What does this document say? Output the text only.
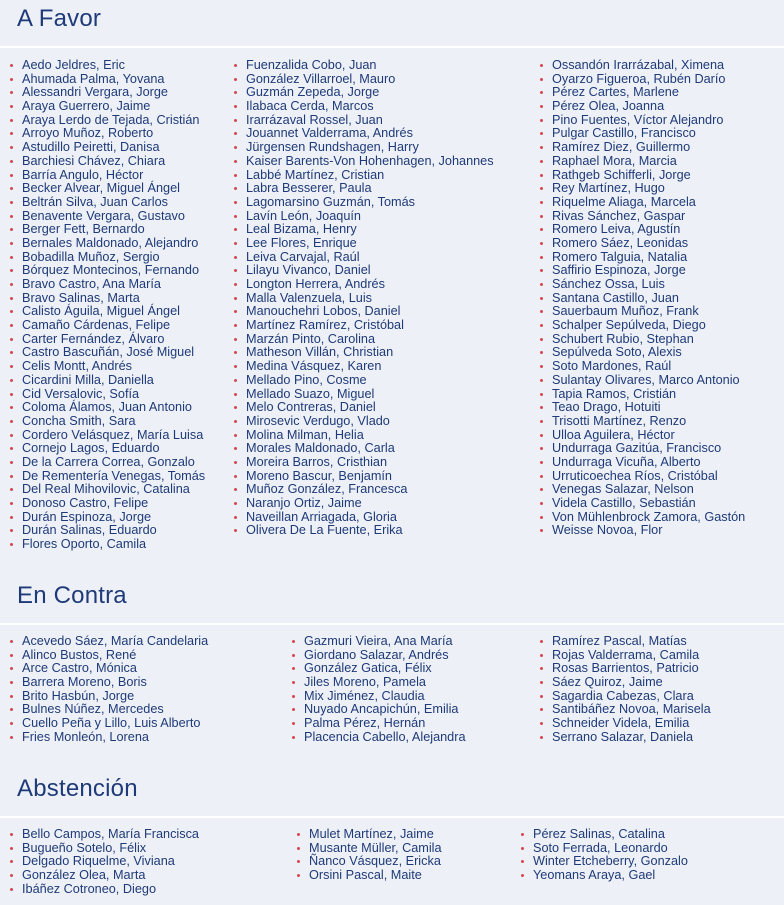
A Favor
Aedo Jeldres, Eric
Ahumada Palma, Yovana
Alessandri Vergara, Jorge
Araya Guerrero, Jaime
Araya Lerdo de Tejada, Cristián
Arroyo Muñoz, Roberto
Astudillo Peiretti, Danisa
Barchiesi Chávez, Chiara
Barría Angulo, Héctor
Becker Alvear, Miguel Ángel
Beltrán Silva, Juan Carlos
Benavente Vergara, Gustavo
Berger Fett, Bernardo
Bernales Maldonado, Alejandro
Bobadilla Muñoz, Sergio
Bórquez Montecinos, Fernando
Bravo Castro, Ana María
Bravo Salinas, Marta
Calisto Águila, Miguel Ángel
Camaño Cárdenas, Felipe
Carter Fernández, Álvaro
Castro Bascuñán, José Miguel
Celis Montt, Andrés
Cicardini Milla, Daniella
Cid Versalovic, Sofía
Coloma Álamos, Juan Antonio
Concha Smith, Sara
Cordero Velásquez, María Luisa
Cornejo Lagos, Eduardo
De la Carrera Correa, Gonzalo
De Rementería Venegas, Tomás
Del Real Mihovilovic, Catalina
Donoso Castro, Felipe
Durán Espinoza, Jorge
Durán Salinas, Eduardo
Flores Oporto, Camila
Fuenzalida Cobo, Juan
González Villarroel, Mauro
Guzmán Zepeda, Jorge
Ilabaca Cerda, Marcos
Irarrázaval Rossel, Juan
Jouannet Valderrama, Andrés
Jürgensen Rundshagen, Harry
Kaiser Barents-Von Hohenhagen, Johannes
Labbé Martínez, Cristian
Labra Besserer, Paula
Lagomarsino Guzmán, Tomás
Lavín León, Joaquín
Leal Bizama, Henry
Lee Flores, Enrique
Leiva Carvajal, Raúl
Lilayu Vivanco, Daniel
Longton Herrera, Andrés
Malla Valenzuela, Luis
Manouchehri Lobos, Daniel
Martínez Ramírez, Cristóbal
Marzán Pinto, Carolina
Matheson Villán, Christian
Medina Vásquez, Karen
Mellado Pino, Cosme
Mellado Suazo, Miguel
Melo Contreras, Daniel
Mirosevic Verdugo, Vlado
Molina Milman, Helia
Morales Maldonado, Carla
Moreira Barros, Cristhian
Moreno Bascur, Benjamín
Muñoz González, Francesca
Naranjo Ortiz, Jaime
Naveillan Arriagada, Gloria
Olivera De La Fuente, Erika
Ossandón Irarrázabal, Ximena
Oyarzo Figueroa, Rubén Darío
Pérez Cartes, Marlene
Pérez Olea, Joanna
Pino Fuentes, Víctor Alejandro
Pulgar Castillo, Francisco
Ramírez Diez, Guillermo
Raphael Mora, Marcia
Rathgeb Schifferli, Jorge
Rey Martínez, Hugo
Riquelme Aliaga, Marcela
Rivas Sánchez, Gaspar
Romero Leiva, Agustín
Romero Sáez, Leonidas
Romero Talguia, Natalia
Saffirio Espinoza, Jorge
Sánchez Ossa, Luis
Santana Castillo, Juan
Sauerbaum Muñoz, Frank
Schalper Sepúlveda, Diego
Schubert Rubio, Stephan
Sepúlveda Soto, Alexis
Soto Mardones, Raúl
Sulantay Olivares, Marco Antonio
Tapia Ramos, Cristián
Teao Drago, Hotuiti
Trisotti Martínez, Renzo
Ulloa Aguilera, Héctor
Undurraga Gazitúa, Francisco
Undurraga Vicuña, Alberto
Urruticoechea Ríos, Cristóbal
Venegas Salazar, Nelson
Videla Castillo, Sebastián
Von Mühlenbrock Zamora, Gastón
Weisse Novoa, Flor
En Contra
Acevedo Sáez, María Candelaria
Alinco Bustos, René
Arce Castro, Mónica
Barrera Moreno, Boris
Brito Hasbún, Jorge
Bulnes Núñez, Mercedes
Cuello Peña y Lillo, Luis Alberto
Fries Monleón, Lorena
Gazmuri Vieira, Ana María
Giordano Salazar, Andrés
González Gatica, Félix
Jiles Moreno, Pamela
Mix Jiménez, Claudia
Nuyado Ancapichún, Emilia
Palma Pérez, Hernán
Placencia Cabello, Alejandra
Ramírez Pascal, Matías
Rojas Valderrama, Camila
Rosas Barrientos, Patricio
Sáez Quiroz, Jaime
Sagardia Cabezas, Clara
Santibáñez Novoa, Marisela
Schneider Videla, Emilia
Serrano Salazar, Daniela
Abstención
Bello Campos, María Francisca
Bugueño Sotelo, Félix
Delgado Riquelme, Viviana
González Olea, Marta
Ibáñez Cotroneo, Diego
Mulet Martínez, Jaime
Musante Müller, Camila
Ñanco Vásquez, Ericka
Orsini Pascal, Maite
Pérez Salinas, Catalina
Soto Ferrada, Leonardo
Winter Etcheberry, Gonzalo
Yeomans Araya, Gael
